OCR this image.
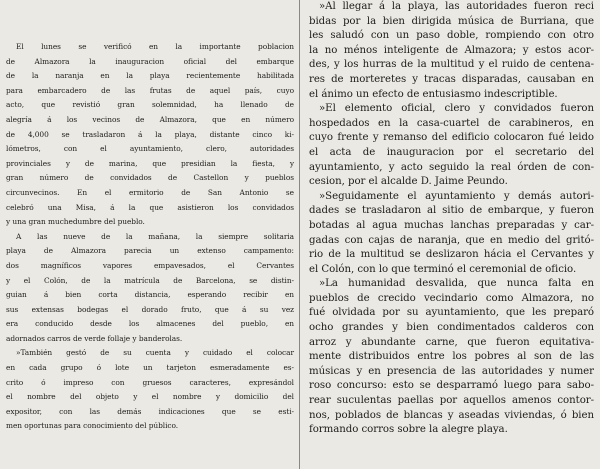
El lunes se verificó en la importante poblacion
de Almazora la inauguracion oficial del embarque
de la naranja en la playa recientemente habilitada
para embarcadero de las frutas de aquel país, cuyo
acto, que revistió gran solemnidad, ha llenado de
alegría á los vecinos de Almazora, que en número
de 4,000 se trasladaron á la playa, distante cinco ki-
lómetros, con el ayuntamiento, clero, autoridades
provinciales y de marina, que presidian la fiesta, y
gran número de convidados de Castellon y pueblos
circunvecinos. En el ermitorio de San Antonio se
celebró una Misa, á la que asistieron los convidados
y una gran muchedumbre del pueblo.
A las nueve de la mañana, la siempre solitaria
playa de Almazora parecia un extenso campamento:
dos magníficos vapores empavesados, el Cervantes
y el Colón, de la matrícula de Barcelona, se distin-
guian á bien corta distancia, esperando recibir en
sus extensas bodegas el dorado fruto, que á su vez
era conducido desde los almacenes del pueblo, en
adornados carros de verde follaje y banderolas.
»También gestó de su cuenta y cuidado el colocar
en cada grupo ó lote un tarjeton esmeradamente es-
crito ó impreso con gruesos caracteres, expresándol
el nombre del objeto y el nombre y domicilio del
expositor, con las demás indicaciones que se esti-
men oportunas para conocimiento del público.
»Al llegar á la playa, las autoridades fueron reci
bidas por la bien dirigida música de Burriana, que
les saludó con un paso doble, rompiendo con otro
la no ménos inteligente de Almazora; y estos acor-
des, y los hurras de la multitud y el ruido de centena-
res de morteretes y tracas disparadas, causaban en
el ánimo un efecto de entusiasmo indescriptible.
»El elemento oficial, clero y convidados fueron
hospedados en la casa-cuartel de carabineros, en
cuyo frente y remanso del edificio colocaron fué leido
el acta de inauguracion por el secretario del
ayuntamiento, y acto seguido la real órden de con-
cesion, por el alcalde D. Jaime Peundo.
»Seguidamente el ayuntamiento y demás autori-
dades se trasladaron al sitio de embarque, y fueron
botadas al agua muchas lanchas preparadas y car-
gadas con cajas de naranja, que en medio del gritó-
rio de la multitud se deslizaron hácia el Cervantes y
el Colón, con lo que terminó el ceremonial de oficio.
»La humanidad desvalida, que nunca falta en
pueblos de crecido vecindario como Almazora, no
fué olvidada por su ayuntamiento, que les preparó
ocho grandes y bien condimentados calderos con
arroz y abundante carne, que fueron equitativa-
mente distribuidos entre los pobres al son de las
músicas y en presencia de las autoridades y numer
roso concurso: esto se desparramó luego para sabo-
rear suculentas paellas por aquellos amenos contor-
nos, poblados de blancas y aseadas viviendas, ó bien
formando corros sobre la alegre playa.
